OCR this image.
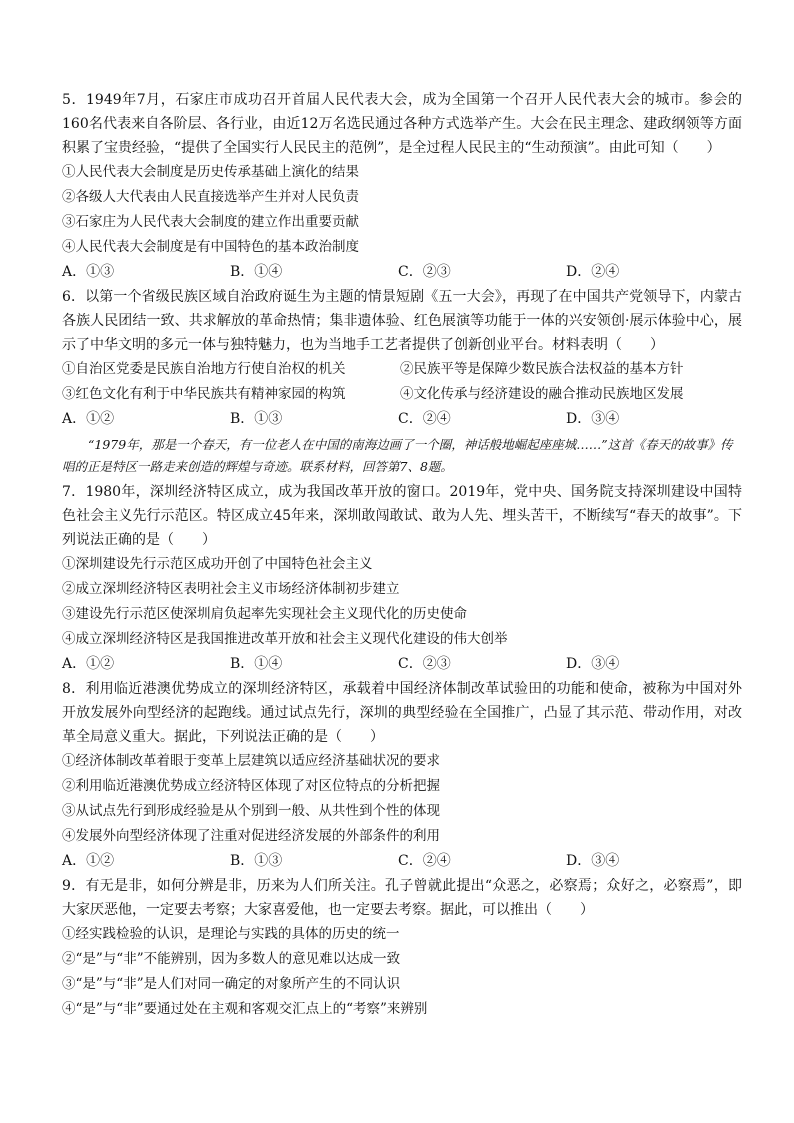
5．1949年7月，石家庄市成功召开首届人民代表大会，成为全国第一个召开人民代表大会的城市。参会的160名代表来自各阶层、各行业，由近12万名选民通过各种方式选举产生。大会在民主理念、建政纲领等方面积累了宝贵经验，“提供了全国实行人民民主的范例”，是全过程人民民主的“生动预演”。由此可知（　　）

①人民代表大会制度是历史传承基础上演化的结果

②各级人大代表由人民直接选举产生并对人民负责

③石家庄为人民代表大会制度的建立作出重要贡献

④人民代表大会制度是有中国特色的基本政治制度

A．①③	B．①④	C．②③	D．②④

6．以第一个省级民族区域自治政府诞生为主题的情景短剧《五一大会》，再现了在中国共产党领导下，内蒙古各族人民团结一致、共求解放的革命热情；集非遗体验、红色展演等功能于一体的兴安领创·展示体验中心，展示了中华文明的多元一体与独特魅力，也为当地手工艺者提供了创新创业平台。材料表明（　　）

①自治区党委是民族自治地方行使自治权的机关	②民族平等是保障少数民族合法权益的基本方针
③红色文化有利于中华民族共有精神家园的构筑	④文化传承与经济建设的融合推动民族地区发展
A．①②	B．①③	C．②④	D．③④

“1979年，那是一个春天，有一位老人在中国的南海边画了一个圈，神话般地崛起座座城……”这首《春天的故事》传唱的正是特区一路走来创造的辉煌与奇迹。联系材料，回答第7、8题。

7．1980年，深圳经济特区成立，成为我国改革开放的窗口。2019年，党中央、国务院支持深圳建设中国特色社会主义先行示范区。特区成立45年来，深圳敢闯敢试、敢为人先、埋头苦干，不断续写“春天的故事”。下列说法正确的是（　　）

①深圳建设先行示范区成功开创了中国特色社会主义

②成立深圳经济特区表明社会主义市场经济体制初步建立

③建设先行示范区使深圳肩负起率先实现社会主义现代化的历史使命

④成立深圳经济特区是我国推进改革开放和社会主义现代化建设的伟大创举

A．①②	B．①④	C．②③	D．③④

8．利用临近港澳优势成立的深圳经济特区，承载着中国经济体制改革试验田的功能和使命，被称为中国对外开放发展外向型经济的起跑线。通过试点先行，深圳的典型经验在全国推广，凸显了其示范、带动作用，对改革全局意义重大。据此，下列说法正确的是（　　）

①经济体制改革着眼于变革上层建筑以适应经济基础状况的要求

②利用临近港澳优势成立经济特区体现了对区位特点的分析把握

③从试点先行到形成经验是从个别到一般、从共性到个性的体现

④发展外向型经济体现了注重对促进经济发展的外部条件的利用

A．①②	B．①③	C．②④	D．③④

9．有无是非，如何分辨是非，历来为人们所关注。孔子曾就此提出“众恶之，必察焉；众好之，必察焉”，即大家厌恶他，一定要去考察；大家喜爱他，也一定要去考察。据此，可以推出（　　）

①经实践检验的认识，是理论与实践的具体的历史的统一

②“是”与“非”不能辨别，因为多数人的意见难以达成一致

③“是”与“非”是人们对同一确定的对象所产生的不同认识

④“是”与“非”要通过处在主观和客观交汇点上的“考察”来辨别
